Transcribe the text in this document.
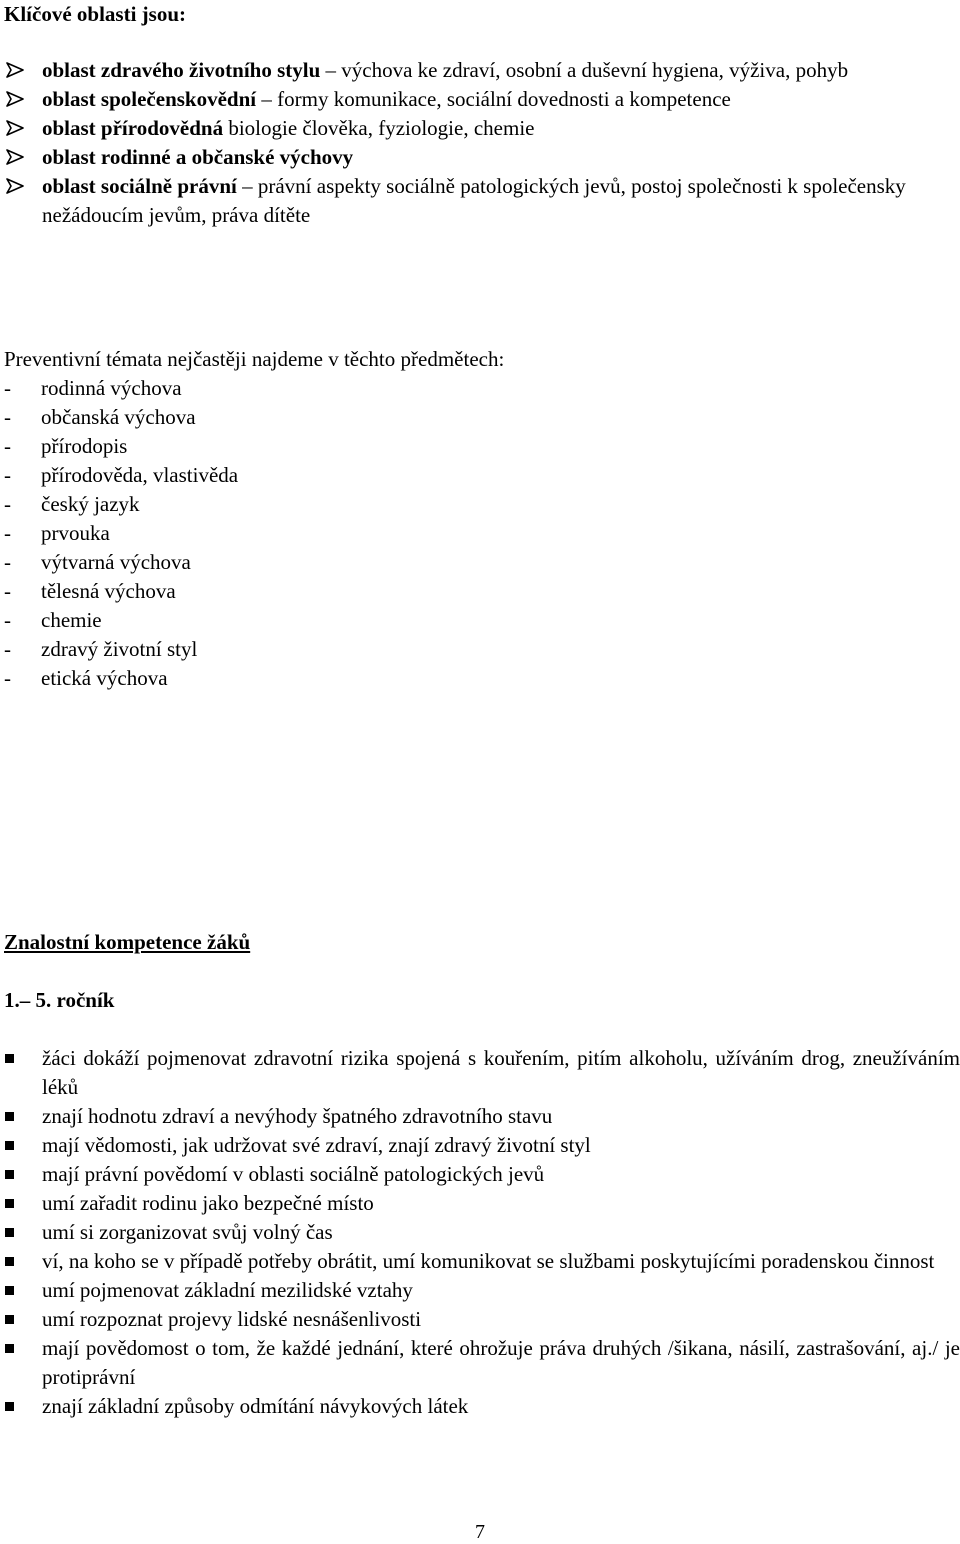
Klíčové oblasti jsou:
oblast zdravého životního stylu – výchova ke zdraví, osobní a duševní hygiena, výživa, pohyb
oblast společenskovědní – formy komunikace, sociální dovednosti a kompetence
oblast přírodovědná biologie člověka, fyziologie, chemie
oblast rodinné a občanské výchovy
oblast sociálně právní – právní aspekty sociálně patologických jevů, postoj společnosti k společensky nežádoucím jevům, práva dítěte

Preventivní témata nejčastěji najdeme v těchto předmětech:

- rodinná výchova
- občanská výchova
- přírodopis
- přírodověda, vlastivěda
- český jazyk
- prvouka
- výtvarná výchova
- tělesná výchova
- chemie
- zdravý životní styl
- etická výchova
Znalostní kompetence žáků
1.– 5. ročník
žáci dokáží pojmenovat zdravotní rizika spojená s kouřením, pitím alkoholu, užíváním drog, zneužíváním léků
znají hodnotu zdraví a nevýhody špatného zdravotního stavu
mají vědomosti, jak udržovat své zdraví, znají zdravý životní styl
mají právní povědomí v oblasti sociálně patologických jevů
umí zařadit rodinu jako bezpečné místo
umí si zorganizovat svůj volný čas
ví, na koho se v případě potřeby obrátit, umí komunikovat se službami poskytujícími poradenskou činnost
umí pojmenovat základní mezilidské vztahy
umí rozpoznat projevy lidské nesnášenlivosti
mají povědomost o tom, že každé jednání, které ohrožuje práva druhých /šikana, násilí, zastrašování, aj./ je protiprávní
znají základní způsoby odmítání návykových látek
7
